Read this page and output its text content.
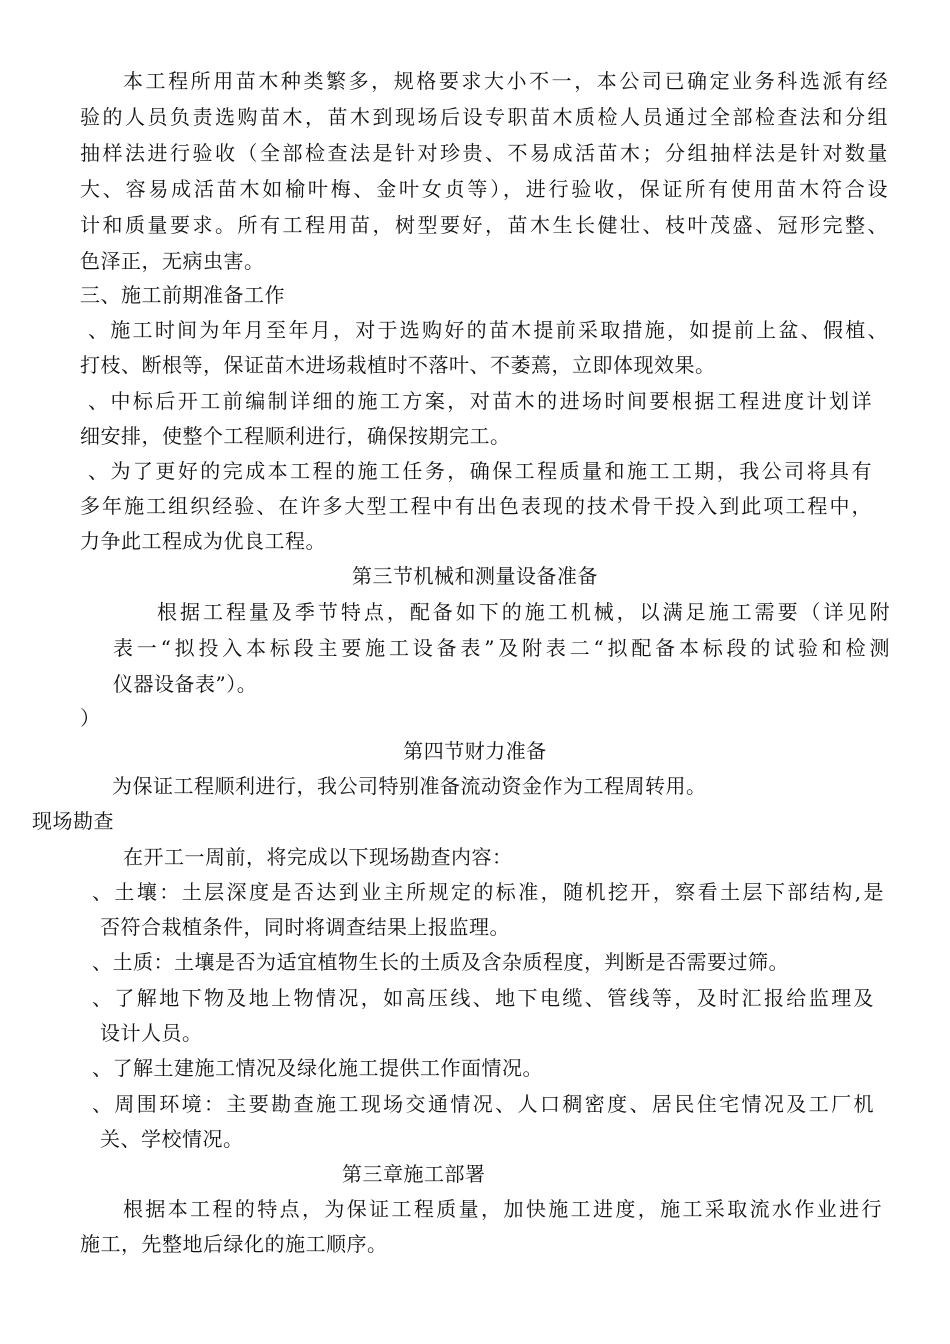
本工程所用苗木种类繁多，规格要求大小不一，本公司已确定业务科选派有经
验的人员负责选购苗木，苗木到现场后设专职苗木质检人员通过全部检查法和分组
抽样法进行验收（全部检查法是针对珍贵、不易成活苗木；分组抽样法是针对数量
大、容易成活苗木如榆叶梅、金叶女贞等），进行验收，保证所有使用苗木符合设
计和质量要求。所有工程用苗，树型要好，苗木生长健壮、枝叶茂盛、冠形完整、
色泽正，无病虫害。
三、施工前期准备工作
、施工时间为年月至年月，对于选购好的苗木提前采取措施，如提前上盆、假植、
打枝、断根等，保证苗木进场栽植时不落叶、不萎蔫，立即体现效果。
、中标后开工前编制详细的施工方案，对苗木的进场时间要根据工程进度计划详
细安排，使整个工程顺利进行，确保按期完工。
、为了更好的完成本工程的施工任务，确保工程质量和施工工期，我公司将具有
多年施工组织经验、在许多大型工程中有出色表现的技术骨干投入到此项工程中，
力争此工程成为优良工程。
第三节机械和测量设备准备
根据工程量及季节特点，配备如下的施工机械，以满足施工需要（详见附
表一“拟投入本标段主要施工设备表”及附表二“拟配备本标段的试验和检测
仪器设备表”）。
）
第四节财力准备
为保证工程顺利进行，我公司特别准备流动资金作为工程周转用。
现场勘查
在开工一周前，将完成以下现场勘查内容：
、土壤：土层深度是否达到业主所规定的标准，随机挖开，察看土层下部结构,是
否符合栽植条件，同时将调查结果上报监理。
、土质：土壤是否为适宜植物生长的土质及含杂质程度，判断是否需要过筛。
、了解地下物及地上物情况，如高压线、地下电缆、管线等，及时汇报给监理及
设计人员。
、了解土建施工情况及绿化施工提供工作面情况。
、周围环境：主要勘查施工现场交通情况、人口稠密度、居民住宅情况及工厂机
关、学校情况。
第三章施工部署
根据本工程的特点，为保证工程质量，加快施工进度，施工采取流水作业进行
施工，先整地后绿化的施工顺序。
